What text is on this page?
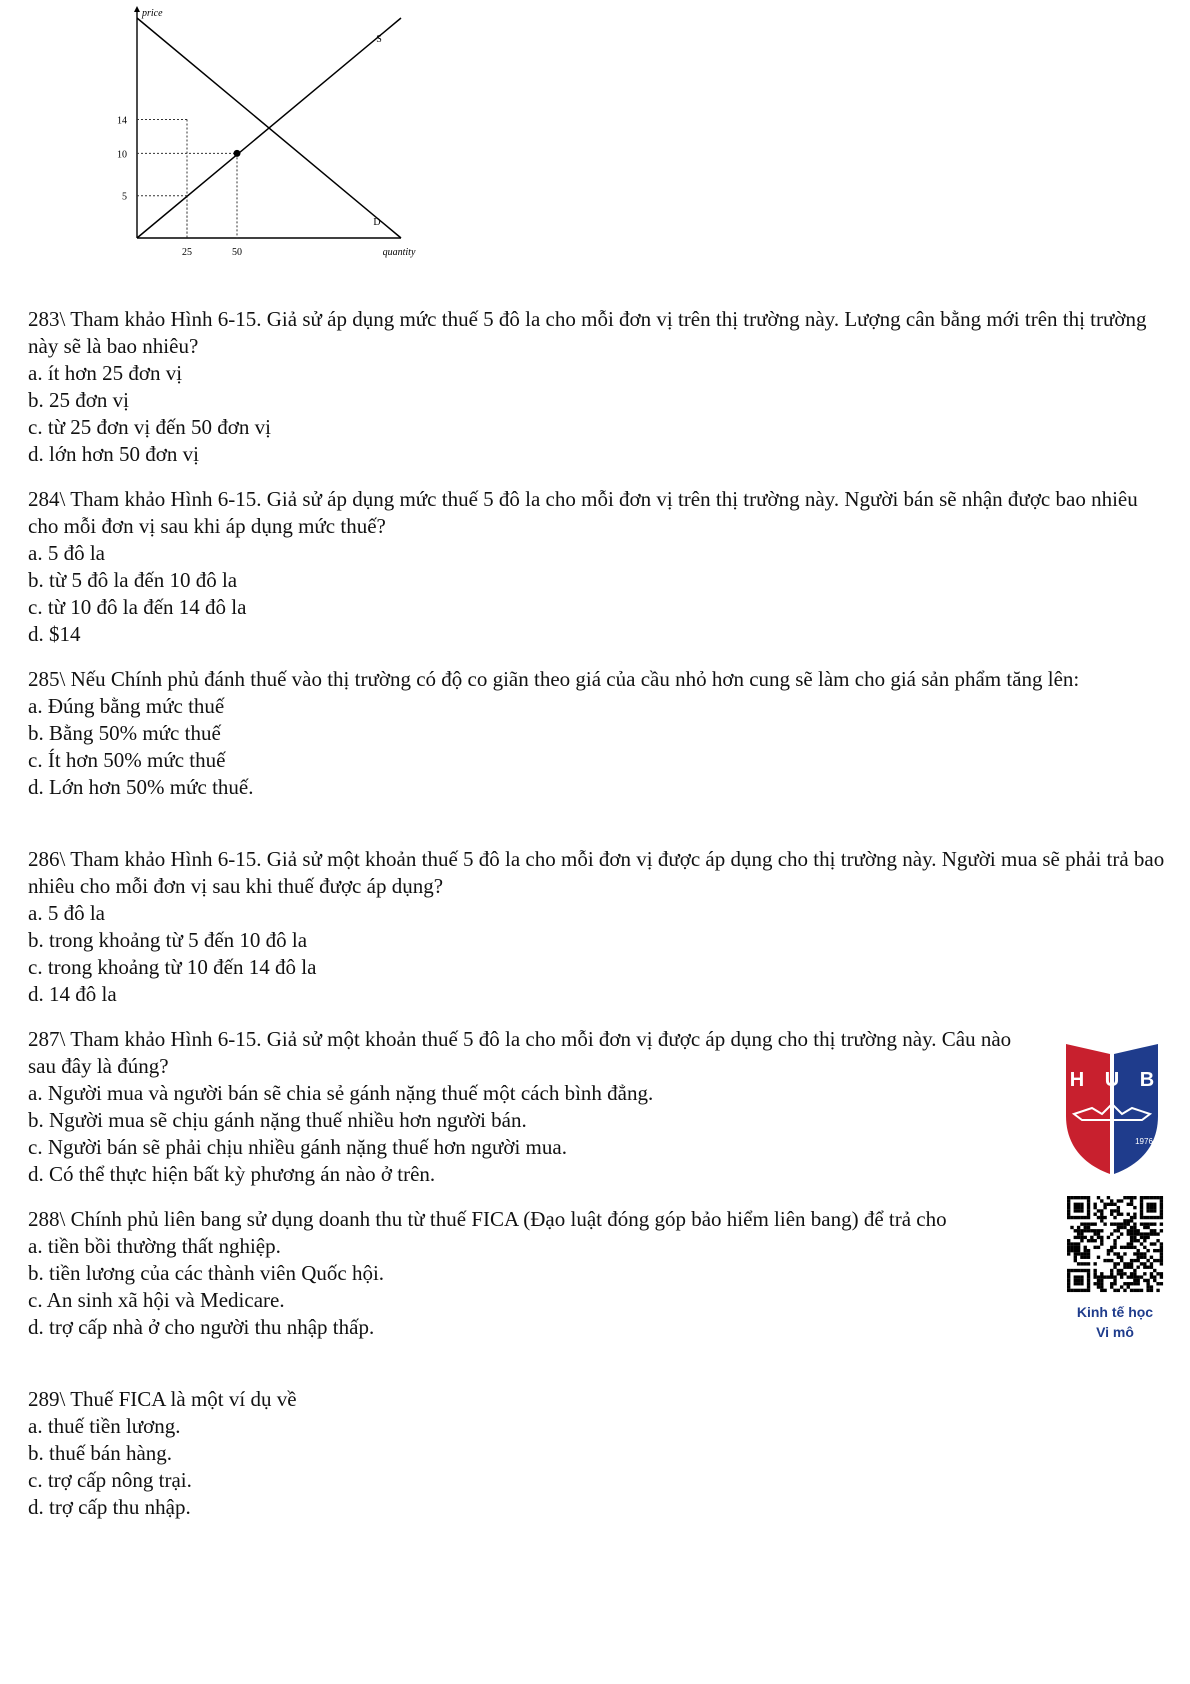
5
10
14
25	50
price
quantity
S
D

283\ Tham khảo Hình 6-15. Giả sử áp dụng mức thuế 5 đô la cho mỗi đơn vị trên thị trường này. Lượng cân bằng mới trên thị trường này sẽ là bao nhiêu?

a. ít hơn 25 đơn vị

b. 25 đơn vị

c. từ 25 đơn vị đến 50 đơn vị

d. lớn hơn 50 đơn vị

284\ Tham khảo Hình 6-15. Giả sử áp dụng mức thuế 5 đô la cho mỗi đơn vị trên thị trường này. Người bán sẽ nhận được bao nhiêu cho mỗi đơn vị sau khi áp dụng mức thuế?

a. 5 đô la

b. từ 5 đô la đến 10 đô la

c. từ 10 đô la đến 14 đô la

d. $14

285\ Nếu Chính phủ đánh thuế vào thị trường có độ co giãn theo giá của cầu nhỏ hơn cung sẽ làm cho giá sản phẩm tăng lên:

a. Đúng bằng mức thuế

b. Bằng 50% mức thuế

c. Ít hơn 50% mức thuế

d. Lớn hơn 50% mức thuế.

286\ Tham khảo Hình 6-15. Giả sử một khoản thuế 5 đô la cho mỗi đơn vị được áp dụng cho thị trường này. Người mua sẽ phải trả bao nhiêu cho mỗi đơn vị sau khi thuế được áp dụng?

a. 5 đô la

b. trong khoảng từ 5 đến 10 đô la

c. trong khoảng từ 10 đến 14 đô la

d. 14 đô la

287\ Tham khảo Hình 6-15. Giả sử một khoản thuế 5 đô la cho mỗi đơn vị được áp dụng cho thị trường này. Câu nào sau đây là đúng?

a. Người mua và người bán sẽ chia sẻ gánh nặng thuế một cách bình đẳng.

b. Người mua sẽ chịu gánh nặng thuế nhiều hơn người bán.

c. Người bán sẽ phải chịu nhiều gánh nặng thuế hơn người mua.

d. Có thể thực hiện bất kỳ phương án nào ở trên.

288\ Chính phủ liên bang sử dụng doanh thu từ thuế FICA (Đạo luật đóng góp bảo hiểm liên bang) để trả cho

a. tiền bồi thường thất nghiệp.

b. tiền lương của các thành viên Quốc hội.

c. An sinh xã hội và Medicare.

d. trợ cấp nhà ở cho người thu nhập thấp.

289\ Thuế FICA là một ví dụ về

a. thuế tiền lương.

b. thuế bán hàng.

c. trợ cấp nông trại.

d. trợ cấp thu nhập.

H U B
1976
Kinh tế học
Vi mô
